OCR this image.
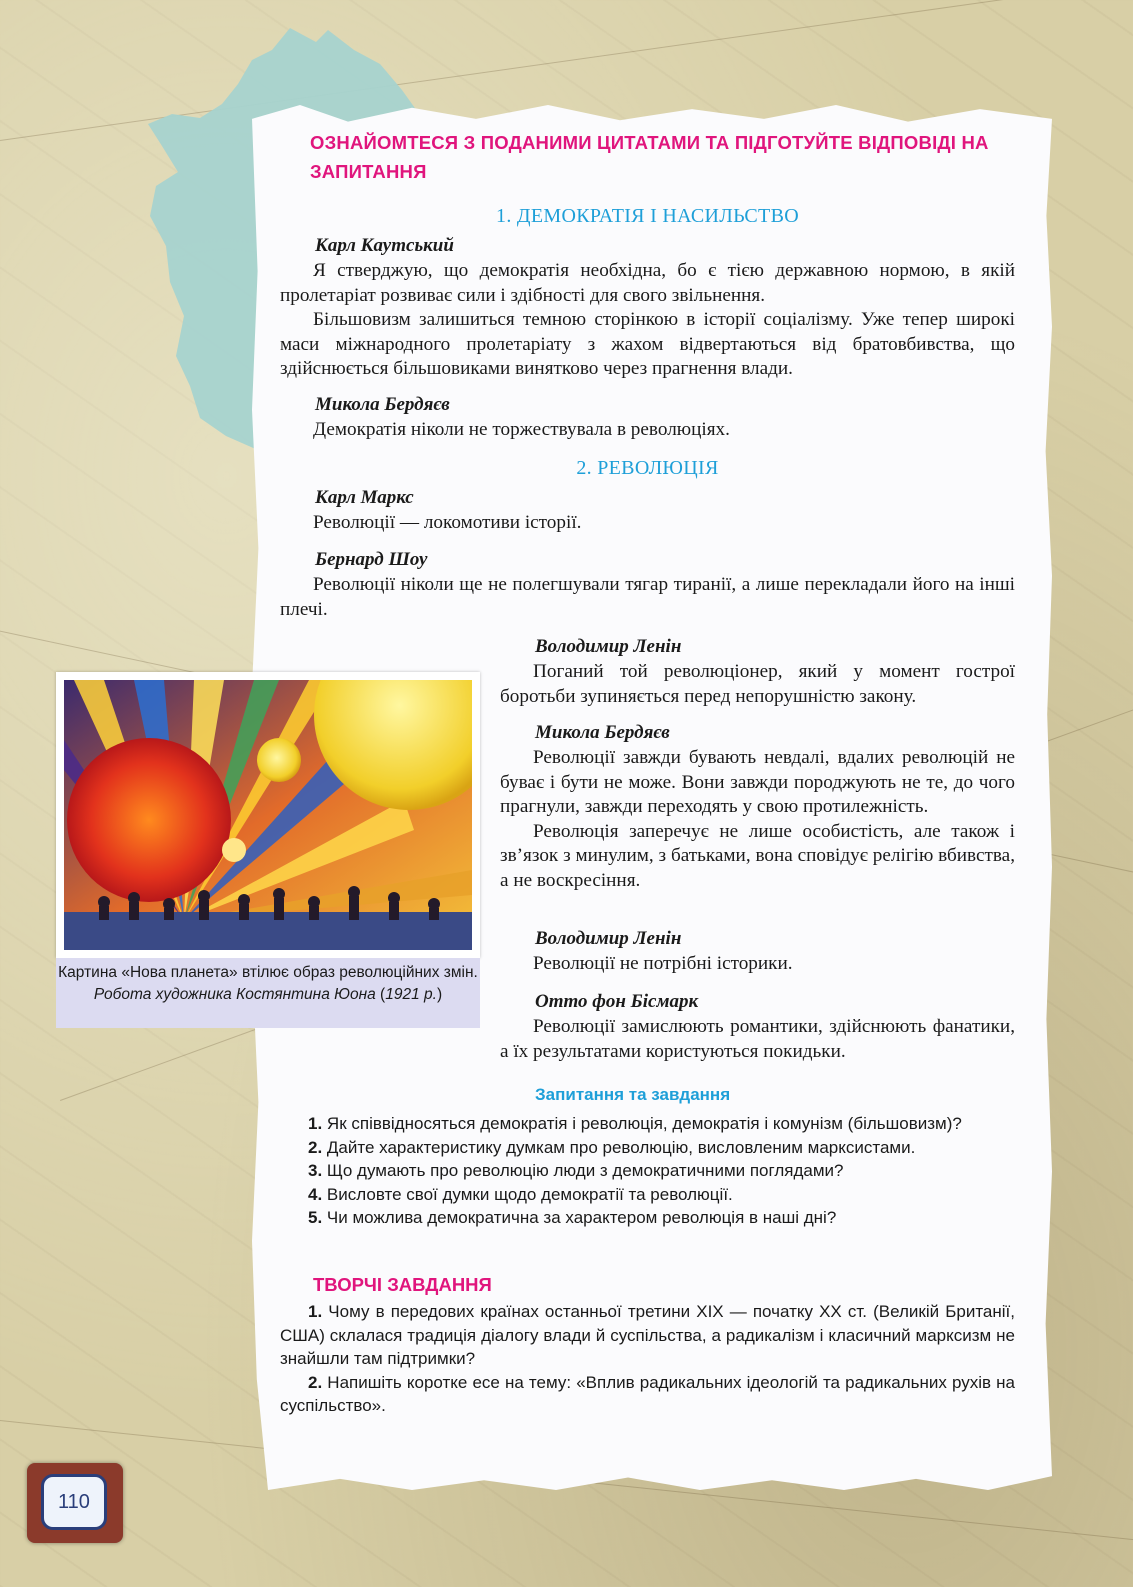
ОЗНАЙОМТЕСЯ З ПОДАНИМИ ЦИТАТАМИ ТА ПІДГОТУЙТЕ ВІДПОВІДІ НА ЗАПИТАННЯ
1. ДЕМОКРАТІЯ І НАСИЛЬСТВО
Карл Каутський

Я стверджую, що демократія необхідна, бо є тією державною нормою, в якій пролетаріат розвиває сили і здібності для свого звільнення.

Більшовизм залишиться темною сторінкою в історії соціалізму. Уже тепер широкі маси міжнародного пролетаріату з жахом відвертаються від братовбивства, що здійснюється більшовиками винятково через прагнення влади.

Микола Бердяєв

Демократія ніколи не торжествувала в революціях.

2. РЕВОЛЮЦІЯ
Карл Маркс

Революції — локомотиви історії.

Бернард Шоу

Революції ніколи ще не полегшували тягар тиранії, а лише перекладали його на інші плечі.

Володимир Ленін

Поганий той революціонер, який у момент гострої боротьби зупиняється перед непорушністю закону.

Микола Бердяєв

Революції завжди бувають невдалі, вдалих революцій не буває і бути не може. Вони завжди породжують не те, до чого прагнули, завжди переходять у свою протилежність.

Революція заперечує не лише особистість, але також і зв’язок з минулим, з батьками, вона сповідує релігію вбивства, а не воскресіння.

Володимир Ленін

Революції не потрібні історики.

Отто фон Бісмарк

Революції замислюють романтики, здійснюють фанатики, а їх результатами користуються покидьки.

Картина «Нова планета» втілює образ революційних змін. Робота художника Костянтина Юона (1921 р.)
Запитання та завдання
1. Як співвідносяться демократія і революція, демократія і комунізм (більшовизм)?
2. Дайте характеристику думкам про революцію, висловленим марксистами.
3. Що думають про революцію люди з демократичними поглядами?
4. Висловте свої думки щодо демократії та революції.
5. Чи можлива демократична за характером революція в наші дні?
ТВОРЧІ ЗАВДАННЯ
1. Чому в передових країнах останньої третини XIX — початку XX ст. (Великій Британії, США) склалася традиція діалогу влади й суспільства, а радикалізм і класичний марксизм не знайшли там підтримки?
2. Напишіть коротке есе на тему: «Вплив радикальних ідеологій та радикальних рухів на суспільство».
110
